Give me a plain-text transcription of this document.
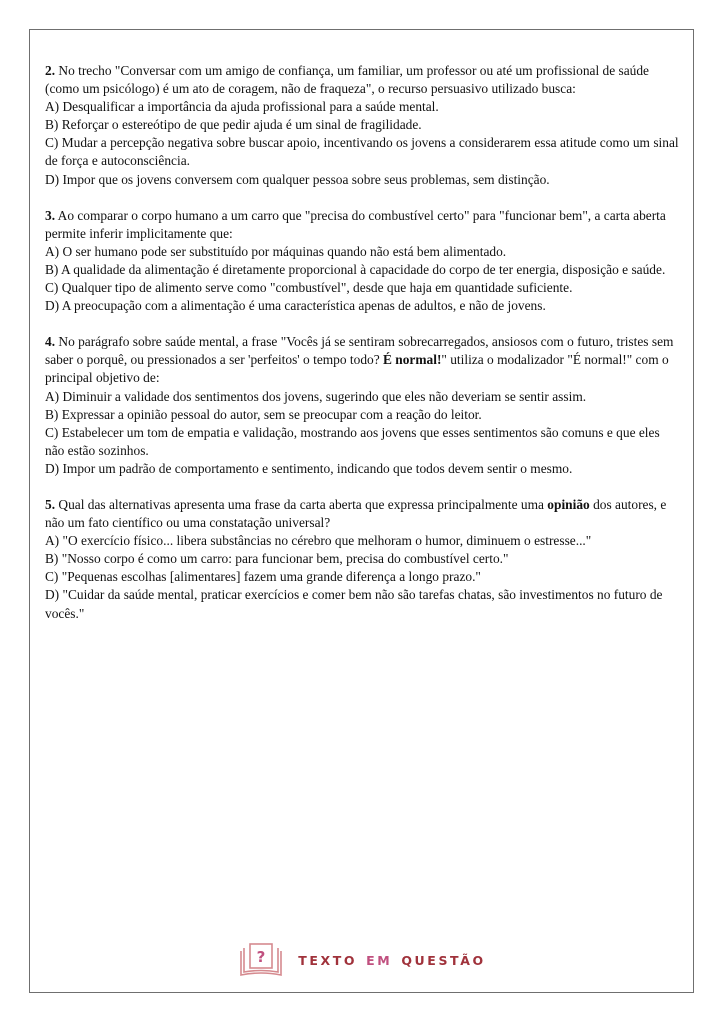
2. No trecho "Conversar com um amigo de confiança, um familiar, um professor ou até um profissional de saúde (como um psicólogo) é um ato de coragem, não de fraqueza", o recurso persuasivo utilizado busca:

A) Desqualificar a importância da ajuda profissional para a saúde mental.

B) Reforçar o estereótipo de que pedir ajuda é um sinal de fragilidade.

C) Mudar a percepção negativa sobre buscar apoio, incentivando os jovens a considerarem essa atitude como um sinal de força e autoconsciência.

D) Impor que os jovens conversem com qualquer pessoa sobre seus problemas, sem distinção.

3. Ao comparar o corpo humano a um carro que "precisa do combustível certo" para "funcionar bem", a carta aberta permite inferir implicitamente que:

A) O ser humano pode ser substituído por máquinas quando não está bem alimentado.

B) A qualidade da alimentação é diretamente proporcional à capacidade do corpo de ter energia, disposição e saúde.

C) Qualquer tipo de alimento serve como "combustível", desde que haja em quantidade suficiente.

D) A preocupação com a alimentação é uma característica apenas de adultos, e não de jovens.

4. No parágrafo sobre saúde mental, a frase "Vocês já se sentiram sobrecarregados, ansiosos com o futuro, tristes sem saber o porquê, ou pressionados a ser 'perfeitos' o tempo todo? É normal!" utiliza o modalizador "É normal!" com o principal objetivo de:

A) Diminuir a validade dos sentimentos dos jovens, sugerindo que eles não deveriam se sentir assim.

B) Expressar a opinião pessoal do autor, sem se preocupar com a reação do leitor.

C) Estabelecer um tom de empatia e validação, mostrando aos jovens que esses sentimentos são comuns e que eles não estão sozinhos.

D) Impor um padrão de comportamento e sentimento, indicando que todos devem sentir o mesmo.

5. Qual das alternativas apresenta uma frase da carta aberta que expressa principalmente uma opinião dos autores, e não um fato científico ou uma constatação universal?

A) "O exercício físico... libera substâncias no cérebro que melhoram o humor, diminuem o estresse..."

B) "Nosso corpo é como um carro: para funcionar bem, precisa do combustível certo."

C) "Pequenas escolhas [alimentares] fazem uma grande diferença a longo prazo."

D) "Cuidar da saúde mental, praticar exercícios e comer bem não são tarefas chatas, são investimentos no futuro de vocês."

?	TEXTO EM QUESTÃO
